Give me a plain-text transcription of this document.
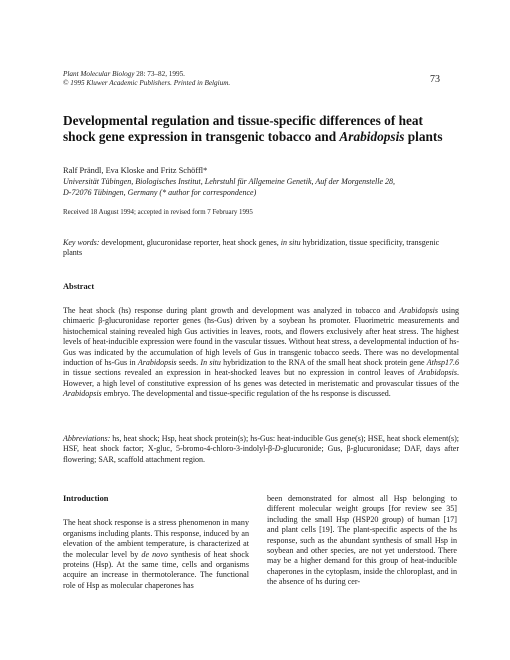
Plant Molecular Biology 28: 73–82, 1995.
© 1995 Kluwer Academic Publishers. Printed in Belgium.	73
Developmental regulation and tissue-specific differences of heat shock gene expression in transgenic tobacco and Arabidopsis plants
Ralf Prändl, Eva Kloske and Fritz Schöffl*
Universität Tübingen, Biologisches Institut, Lehrstuhl für Allgemeine Genetik, Auf der Morgenstelle 28,
D-72076 Tübingen, Germany (* author for correspondence)
Received 18 August 1994; accepted in revised form 7 February 1995
Key words: development, glucuronidase reporter, heat shock genes, in situ hybridization, tissue specificity, transgenic plants
Abstract
The heat shock (hs) response during plant growth and development was analyzed in tobacco and Arabidopsis using chimaeric β-glucuronidase reporter genes (hs-Gus) driven by a soybean hs promoter. Fluorimetric measurements and histochemical staining revealed high Gus activities in leaves, roots, and flowers exclusively after heat stress. The highest levels of heat-inducible expression were found in the vascular tissues. Without heat stress, a developmental induction of hs-Gus was indicated by the accumulation of high levels of Gus in transgenic tobacco seeds. There was no developmental induction of hs-Gus in Arabidopsis seeds. In situ hybridization to the RNA of the small heat shock protein gene Athsp17.6 in tissue sections revealed an expression in heat-shocked leaves but no expression in control leaves of Arabidopsis. However, a high level of constitutive expression of hs genes was detected in meristematic and provascular tissues of the Arabidopsis embryo. The developmental and tissue-specific regulation of the hs response is discussed.
Abbreviations: hs, heat shock; Hsp, heat shock protein(s); hs-Gus: heat-inducible Gus gene(s); HSE, heat shock element(s); HSF, heat shock factor; X-gluc, 5-bromo-4-chloro-3-indolyl-β-D-glucuronide; Gus, β-glucuronidase; DAF, days after flowering; SAR, scaffold attachment region.
Introduction
The heat shock response is a stress phenomenon in many organisms including plants. This response, induced by an elevation of the ambient temperature, is characterized at the molecular level by de novo synthesis of heat shock proteins (Hsp). At the same time, cells and organisms acquire an increase in thermotolerance. The functional role of Hsp as molecular chaperones has
been demonstrated for almost all Hsp belonging to different molecular weight groups [for review see 35] including the small Hsp (HSP20 group) of human [17] and plant cells [19]. The plant-specific aspects of the hs response, such as the abundant synthesis of small Hsp in soybean and other species, are not yet understood. There may be a higher demand for this group of heat-inducible chaperones in the cytoplasm, inside the chloroplast, and in the absence of hs during cer-
